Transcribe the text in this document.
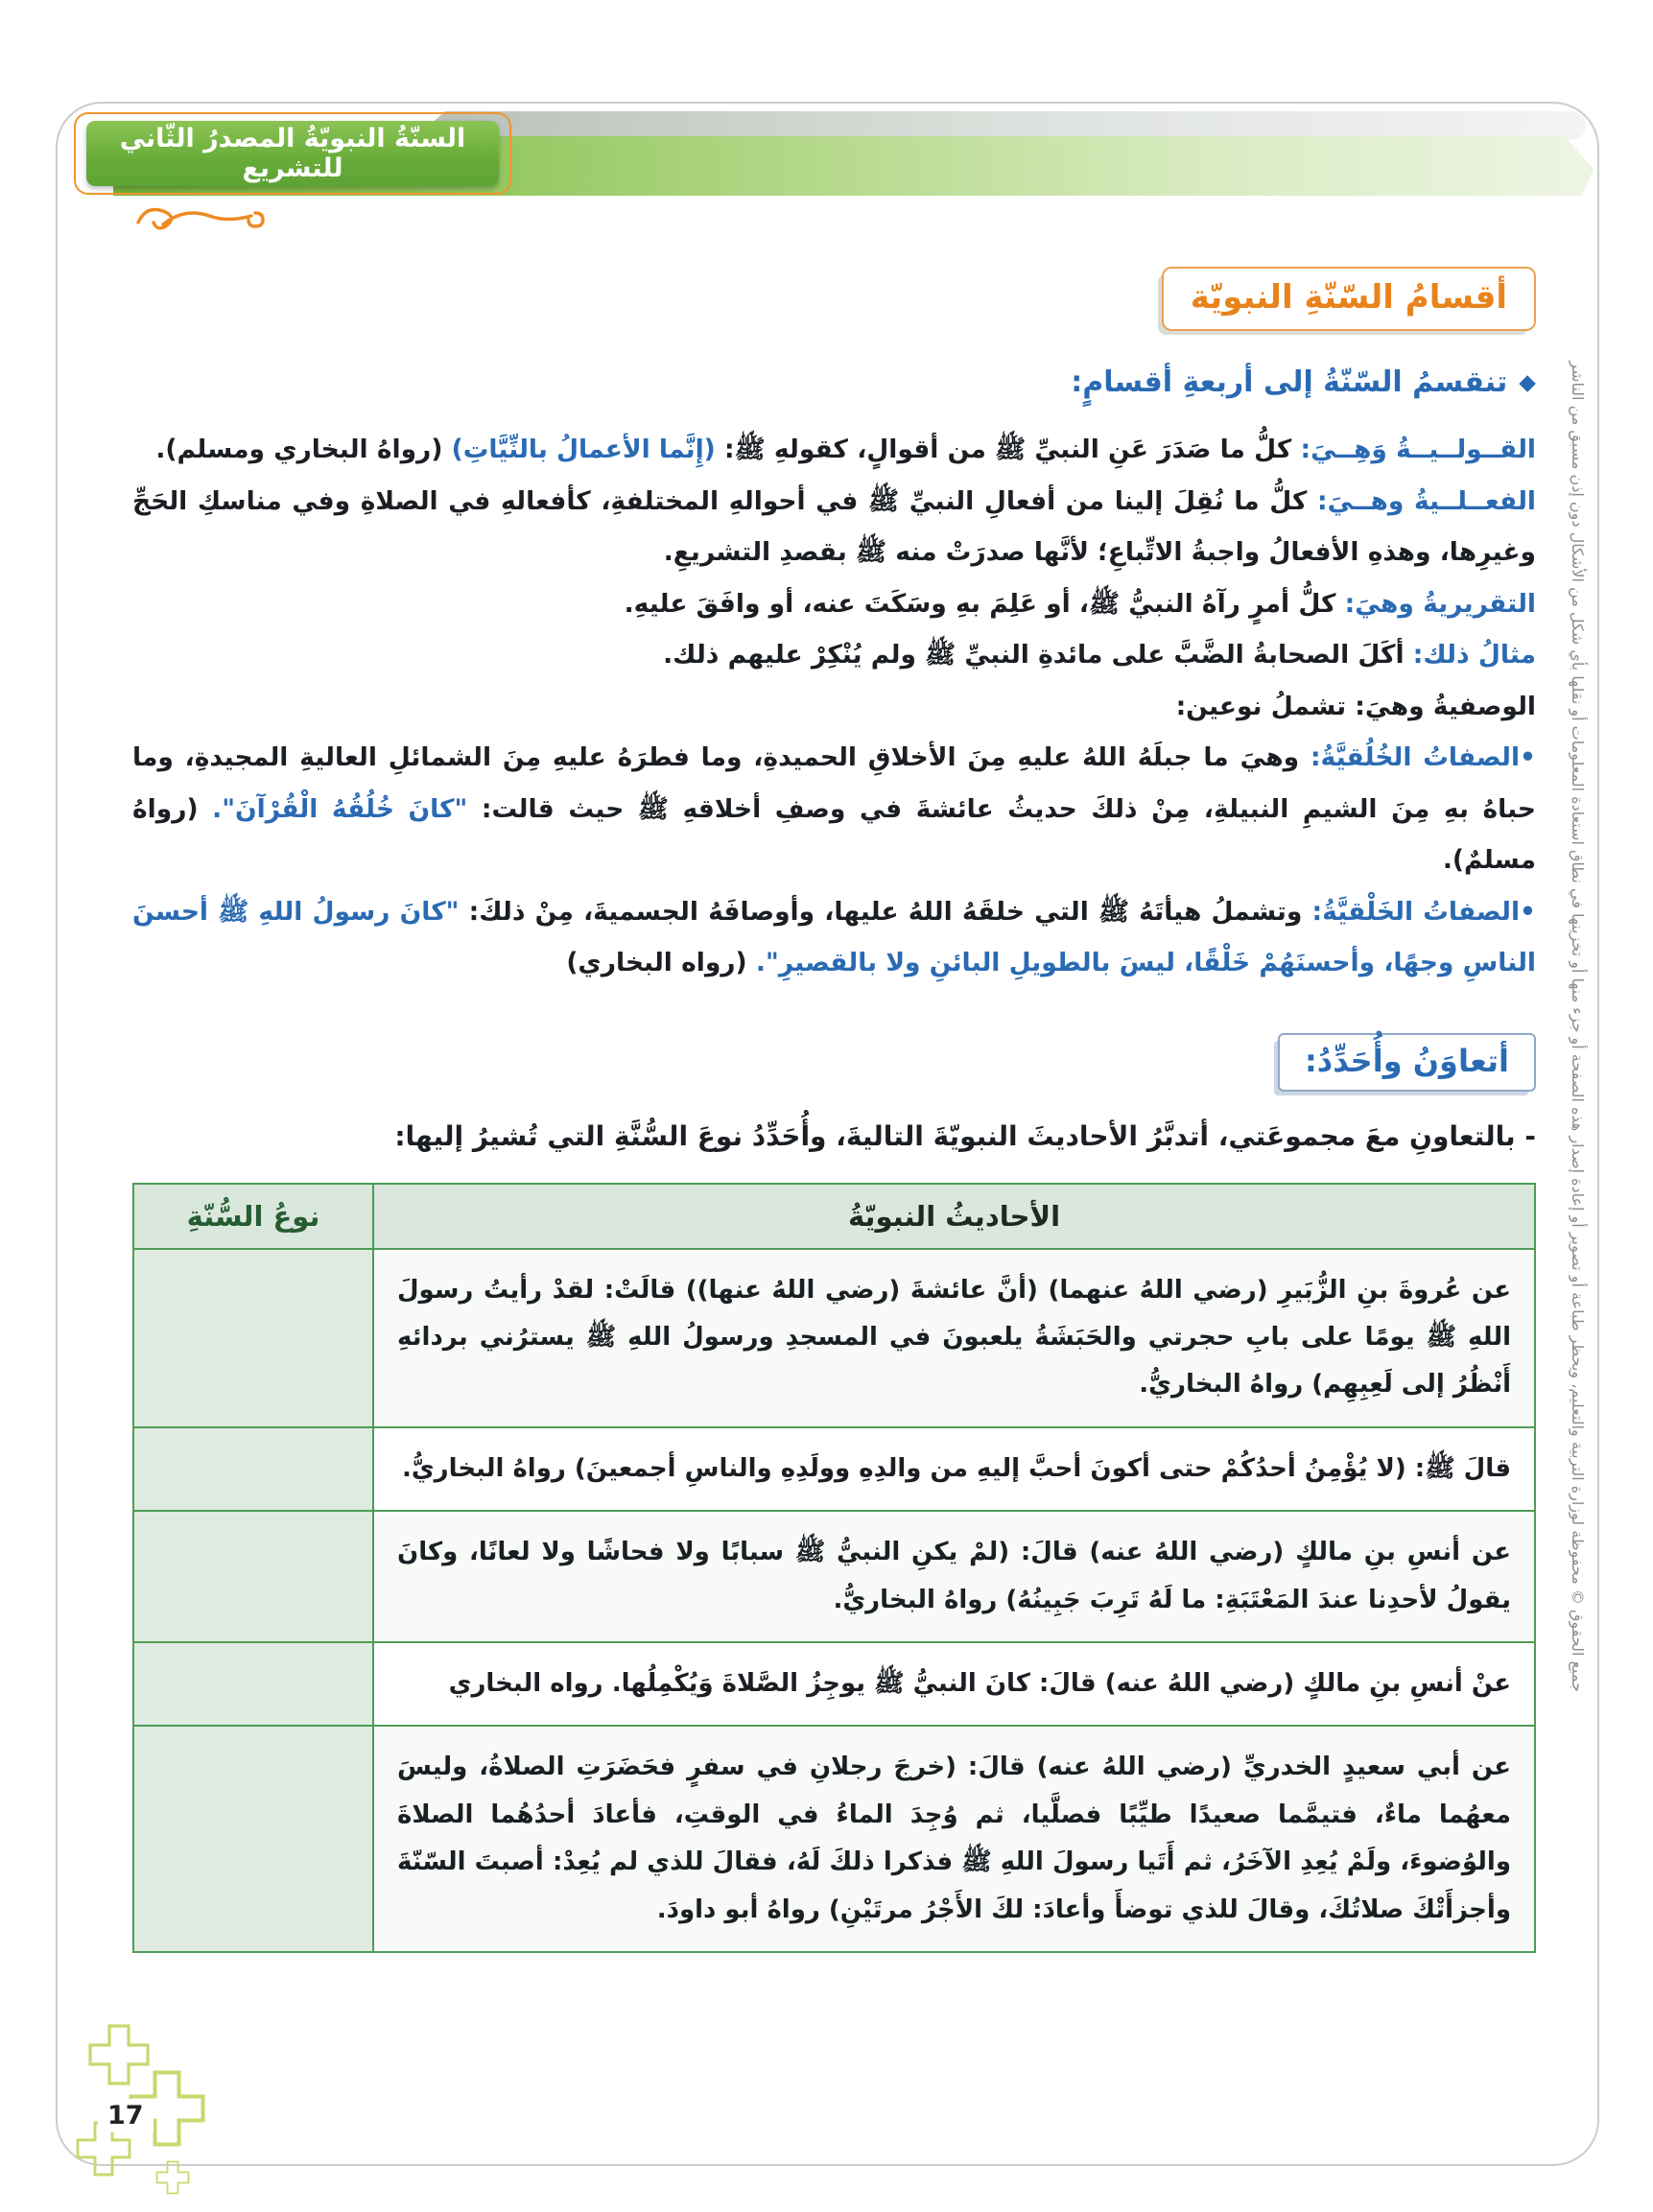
السنّةُ النبويّةُ المصدرُ الثّاني للتشريع
جميع الحقوق © محفوظة لوزارة التربية والتعليم، ويحظر طباعة أو تصوير أو إعادة إصدار هذه الصفحة أو جزء منها أو تخزينها في نطاق استعادة المعلومات أو نقلها بأي شكل من الأشكال دون إذن مسبق من الناشر
أقسامُ السّنّةِ النبويّة
◆تنقسمُ السّنّةُ إلى أربعةِ أقسامٍ:

القــولــيــةُ وَهِــيَ: كلُّ ما صَدَرَ عَنِ النبيِّ ﷺ من أقوالٍ، كقولهِ ﷺ: (إِنَّما الأعمالُ بالنِّيَّاتِ) (رواهُ البخاري ومسلم).

الفعــلــيةُ وهــيَ: كلُّ ما نُقِلَ إلينا من أفعالِ النبيِّ ﷺ في أحوالهِ المختلفةِ، كأفعالهِ في الصلاةِ وفي مناسكِ الحَجِّ وغيرِها، وهذهِ الأفعالُ واجبةُ الاتِّباعِ؛ لأنَّها صدرَتْ منه ﷺ بقصدِ التشريعِ.

التقريريةُ وهيَ: كلُّ أمرٍ رآهُ النبيُّ ﷺ، أو عَلِمَ بهِ وسَكَتَ عنه، أو وافَقَ عليهِ.

مثالُ ذلك: أكَلَ الصحابةُ الضَّبَّ على مائدةِ النبيِّ ﷺ ولم يُنْكِرْ عليهم ذلك.

الوصفيةُ وهيَ: تشملُ نوعين:

•الصفاتُ الخُلُقيَّةُ: وهيَ ما جبلَهُ اللهُ عليهِ مِنَ الأخلاقِ الحميدةِ، وما فطرَهُ عليهِ مِنَ الشمائلِ العاليةِ المجيدةِ، وما حباهُ بهِ مِنَ الشيمِ النبيلةِ، مِنْ ذلكَ حديثُ عائشةَ في وصفِ أخلاقهِ ﷺ حيث قالت: "كانَ خُلُقُهُ الْقُرْآنَ". (رواهُ مسلمٌ).

•الصفاتُ الخَلْقيَّةُ: وتشملُ هيأتَهُ ﷺ التي خلقَهُ اللهُ عليها، وأوصافَهُ الجسميةَ، مِنْ ذلكَ: "كانَ رسولُ اللهِ ﷺ أحسنَ الناسِ وجهًا، وأحسنَهُمْ خَلْقًا، ليسَ بالطويلِ البائنِ ولا بالقصيرِ". (رواه البخاري)

أتعاوَنُ وأُحَدِّدُ:
- بالتعاونِ معَ مجموعَتي، أتدبَّرُ الأحاديثَ النبويّةَ التاليةَ، وأُحَدِّدُ نوعَ السُّنَّةِ التي تُشيرُ إليها:
الأحاديثُ النبويّةُ	نوعُ السُّنّةِ
عن عُروةَ بنِ الزُّبَيرِ (رضي اللهُ عنهما) (أنَّ عائشةَ (رضي اللهُ عنها)) قالَتْ: لقدْ رأيتُ رسولَ اللهِ ﷺ يومًا على بابِ حجرتي والحَبَشَةُ يلعبونَ في المسجدِ ورسولُ اللهِ ﷺ يسترُني بردائهِ أَنْظُرُ إلى لَعِبِهِم) رواهُ البخاريُّ.	
قالَ ﷺ: (لا يُؤْمِنُ أحدُكُمْ حتى أكونَ أحبَّ إليهِ من والدِهِ وولَدِهِ والناسِ أجمعينَ) رواهُ البخاريُّ.	
عن أنسِ بنِ مالكٍ (رضي اللهُ عنه) قالَ: (لمْ يكنِ النبيُّ ﷺ سبابًا ولا فحاشًا ولا لعانًا، وكانَ يقولُ لأحدِنا عندَ المَعْتَبَةِ: ما لَهُ تَرِبَ جَبِينُهُ) رواهُ البخاريُّ.	
عنْ أنسِ بنِ مالكٍ (رضي اللهُ عنه) قالَ: كانَ النبيُّ ﷺ يوجِزُ الصَّلاةَ وَيُكْمِلُها. رواه البخاري	
عن أبي سعيدٍ الخدريِّ (رضي اللهُ عنه) قالَ: (خرجَ رجلانِ في سفرٍ فحَضَرَتِ الصلاةُ، وليسَ معهُما ماءٌ، فتيمَّما صعيدًا طيِّبًا فصلَّيا، ثم وُجِدَ الماءُ في الوقتِ، فأعادَ أحدُهُما الصلاةَ والوُضوءَ، ولَمْ يُعِدِ الآخَرُ، ثم أَتَيا رسولَ اللهِ ﷺ فذكرا ذلكَ لَهُ، فقالَ للذي لم يُعِدْ: أصبتَ السّنّةَ وأجزأَتْكَ صلاتُكَ، وقالَ للذي توضأَ وأعادَ: لكَ الأَجْرُ مرتَيْنِ) رواهُ أبو داودَ.	
17
